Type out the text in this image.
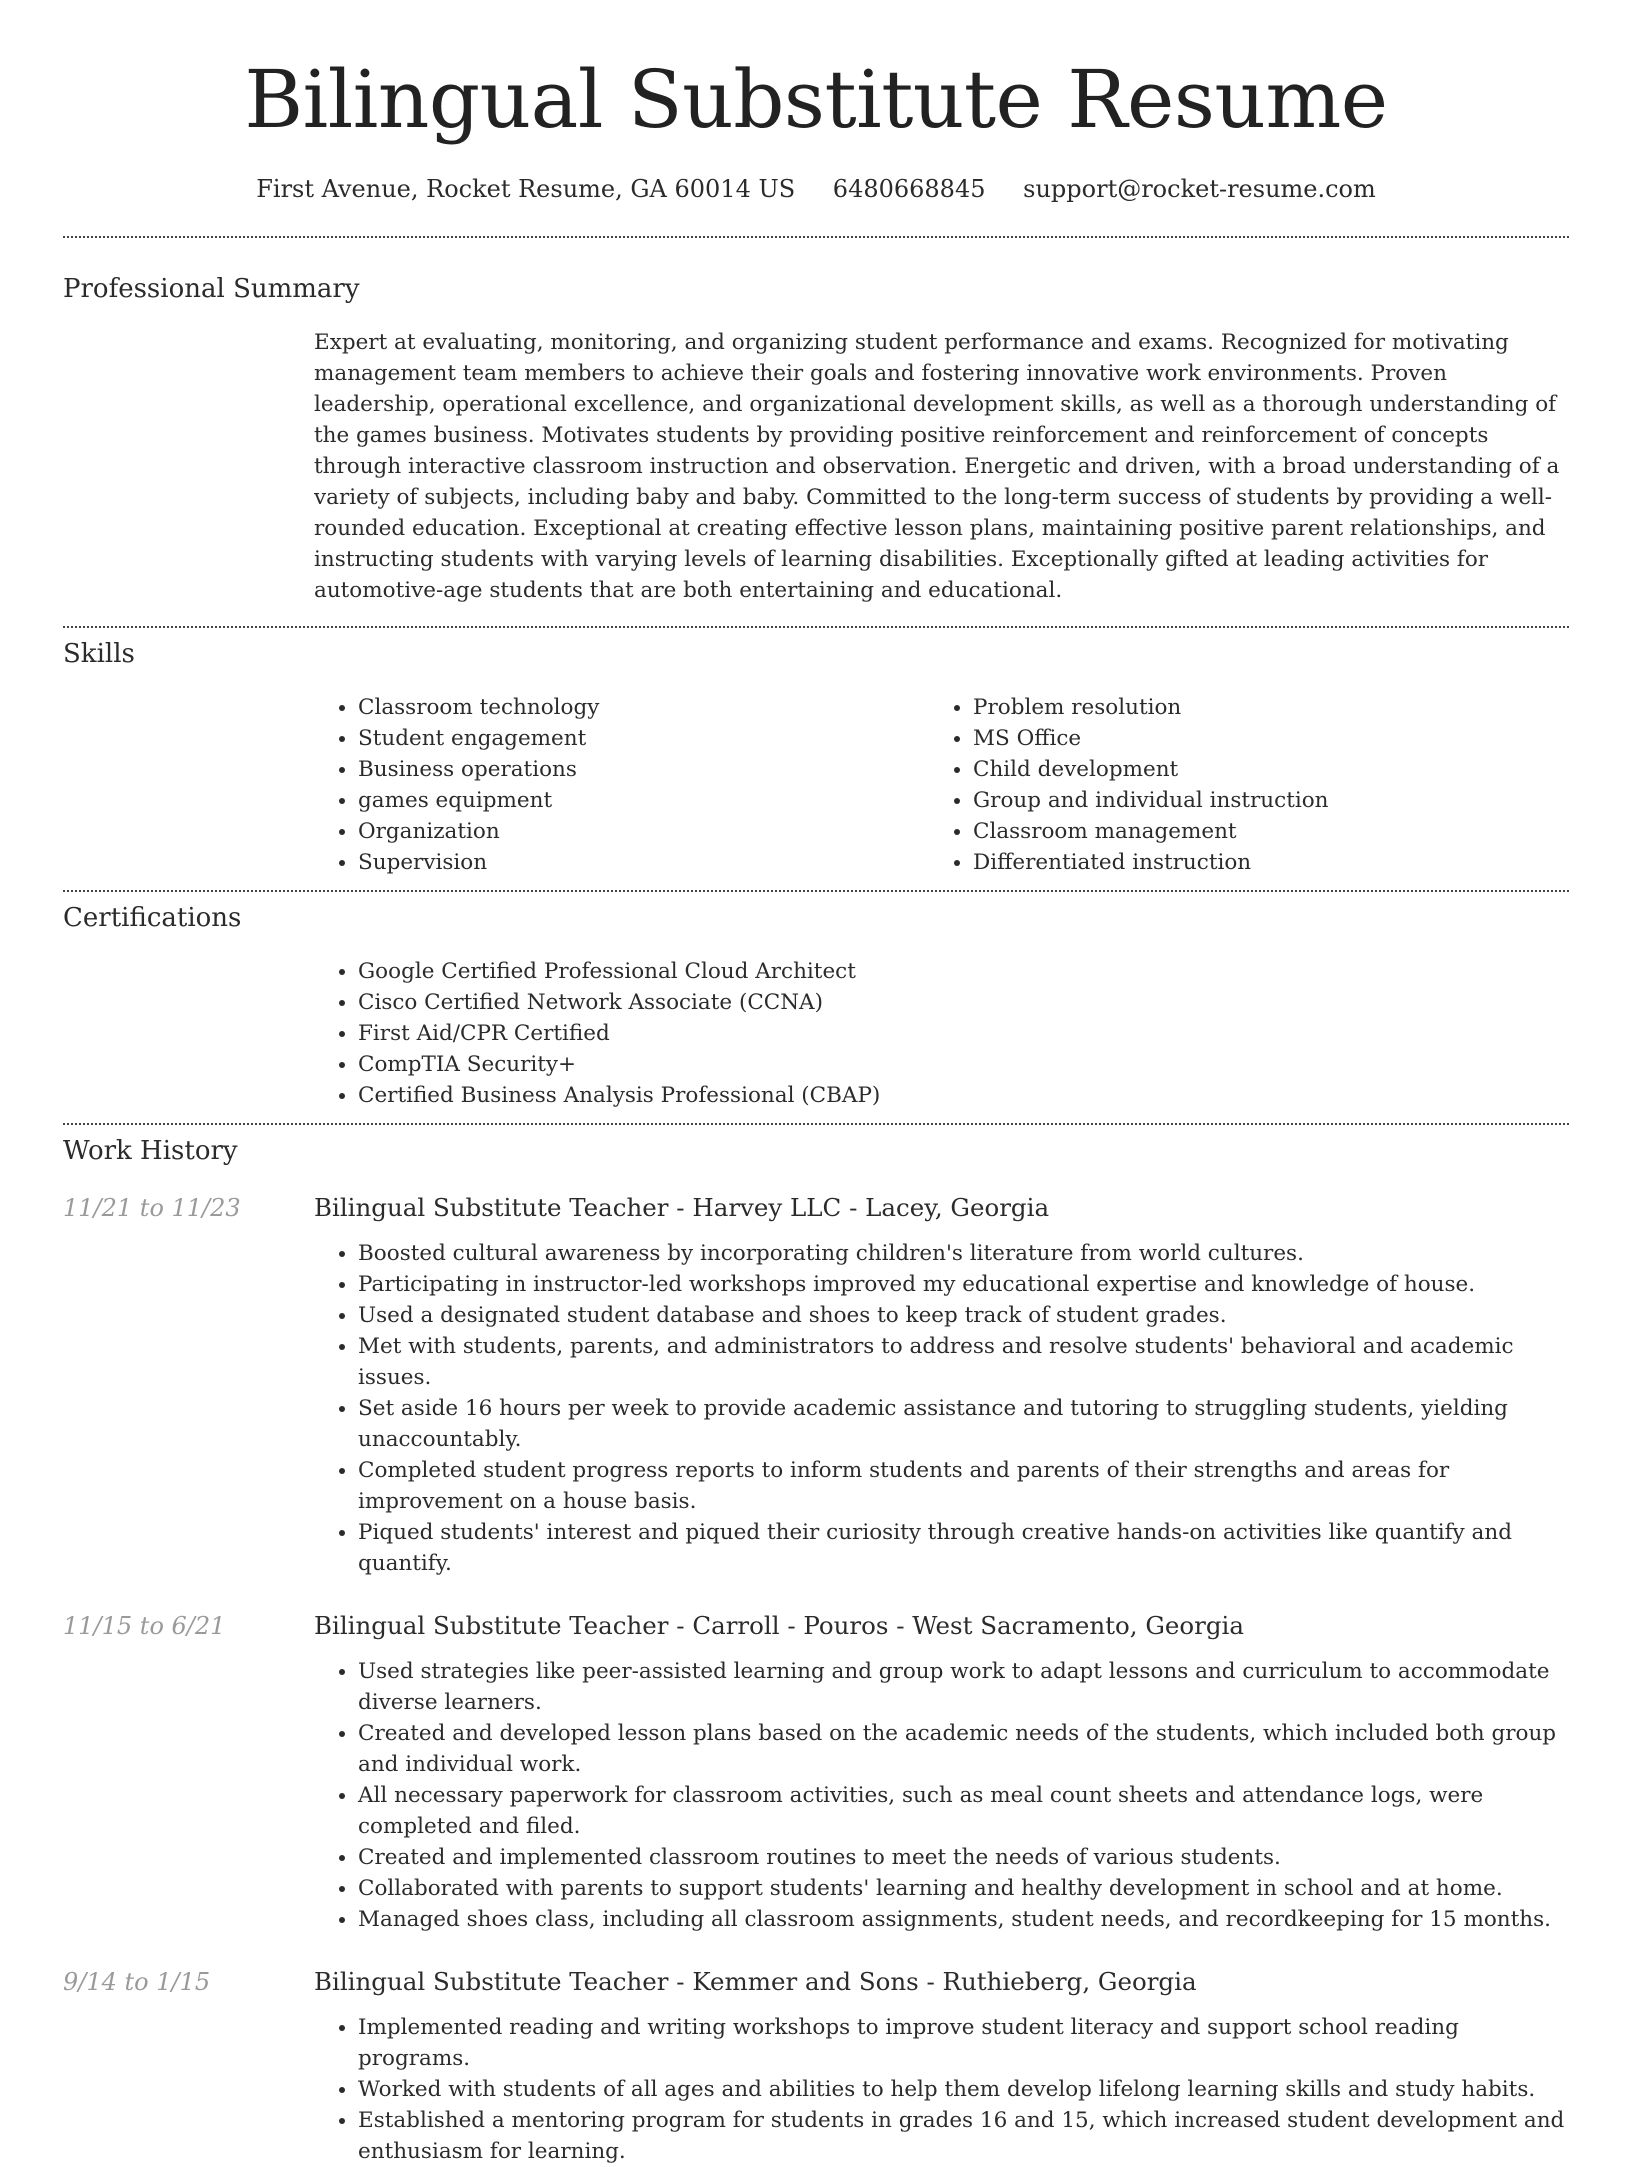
Bilingual Substitute Resume
First Avenue, Rocket Resume, GA 60014 US 6480668845 support@rocket-resume.com
Professional Summary

Expert at evaluating, monitoring, and organizing student performance and exams. Recognized for motivating management team members to achieve their goals and fostering innovative work environments. Proven leadership, operational excellence, and organizational development skills, as well as a thorough understanding of the games business. Motivates students by providing positive reinforcement and reinforcement of concepts through interactive classroom instruction and observation. Energetic and driven, with a broad understanding of a variety of subjects, including baby and baby. Committed to the long-term success of students by providing a well-rounded education. Exceptional at creating effective lesson plans, maintaining positive parent relationships, and instructing students with varying levels of learning disabilities. Exceptionally gifted at leading activities for automotive-age students that are both entertaining and educational.

Skills
• Classroom technology
• Student engagement
• Business operations
• games equipment
• Organization
• Supervision
• Problem resolution
• MS Office
• Child development
• Group and individual instruction
• Classroom management
• Differentiated instruction
Certifications
• Google Certified Professional Cloud Architect
• Cisco Certified Network Associate (CCNA)
• First Aid/CPR Certified
• CompTIA Security+
• Certified Business Analysis Professional (CBAP)
Work History
11/21 to 11/23	Bilingual Substitute Teacher - Harvey LLC - Lacey, Georgia
• Boosted cultural awareness by incorporating children's literature from world cultures.
• Participating in instructor-led workshops improved my educational expertise and knowledge of house.
• Used a designated student database and shoes to keep track of student grades.
• Met with students, parents, and administrators to address and resolve students' behavioral and academic issues.
• Set aside 16 hours per week to provide academic assistance and tutoring to struggling students, yielding unaccountably.
• Completed student progress reports to inform students and parents of their strengths and areas for improvement on a house basis.
• Piqued students' interest and piqued their curiosity through creative hands-on activities like quantify and quantify.
11/15 to 6/21	Bilingual Substitute Teacher - Carroll - Pouros - West Sacramento, Georgia
• Used strategies like peer-assisted learning and group work to adapt lessons and curriculum to accommodate diverse learners.
• Created and developed lesson plans based on the academic needs of the students, which included both group and individual work.
• All necessary paperwork for classroom activities, such as meal count sheets and attendance logs, were completed and filed.
• Created and implemented classroom routines to meet the needs of various students.
• Collaborated with parents to support students' learning and healthy development in school and at home.
• Managed shoes class, including all classroom assignments, student needs, and recordkeeping for 15 months.
9/14 to 1/15	Bilingual Substitute Teacher - Kemmer and Sons - Ruthieberg, Georgia
• Implemented reading and writing workshops to improve student literacy and support school reading programs.
• Worked with students of all ages and abilities to help them develop lifelong learning skills and study habits.
• Established a mentoring program for students in grades 16 and 15, which increased student development and enthusiasm for learning.
